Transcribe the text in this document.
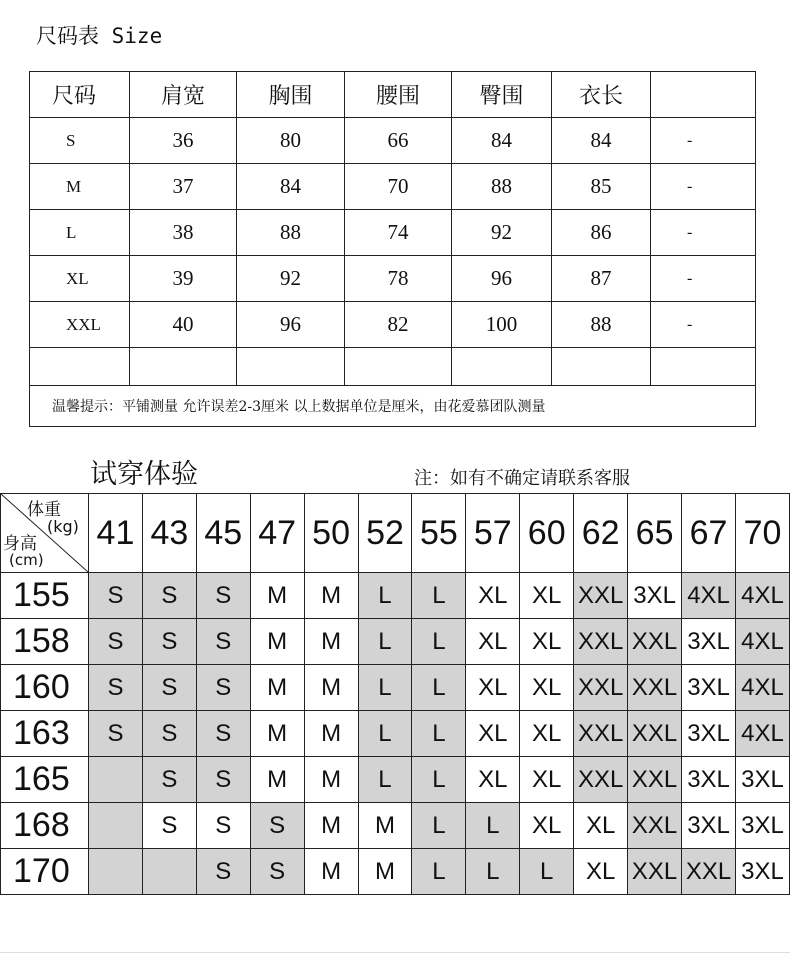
尺码表 Size
尺码	肩宽	胸围	腰围	臀围	衣长	
S	36	80	66	84	84	-
M	37	84	70	88	85	-
L	38	88	74	92	86	-
XL	39	92	78	96	87	-
XXL	40	96	82	100	88	-

温馨提示：平铺测量 允许误差2-3厘米 以上数据单位是厘米，由花爱慕团队测量						
试穿体验	注：如有不确定请联系客服
体重
(kg)
身高
(cm)	41	43	45	47	50	52	55	57	60	62	65	67	70
155	S	S	S	M	M	L	L	XL	XL	XXL	3XL	4XL	4XL
158	S	S	S	M	M	L	L	XL	XL	XXL	XXL	3XL	4XL
160	S	S	S	M	M	L	L	XL	XL	XXL	XXL	3XL	4XL
163	S	S	S	M	M	L	L	XL	XL	XXL	XXL	3XL	4XL
165		S	S	M	M	L	L	XL	XL	XXL	XXL	3XL	3XL
168		S	S	S	M	M	L	L	XL	XL	XXL	3XL	3XL
170			S	S	M	M	L	L	L	XL	XXL	XXL	3XL
